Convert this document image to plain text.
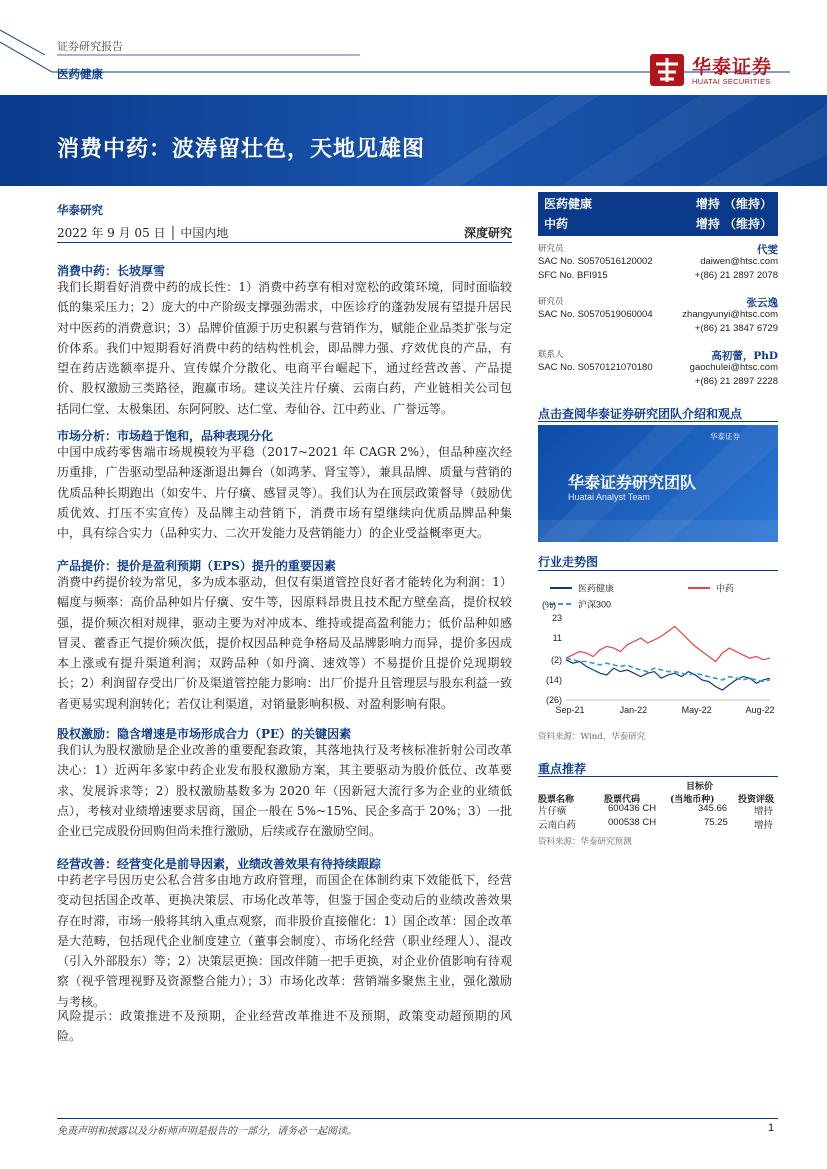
证券研究报告
医药健康	华泰证券
HUATAI SECURITIES
消费中药：波涛留壮色，天地见雄图
华泰研究
2022 年 9 月 05 日 │ 中国内地	深度研究
消费中药：长坡厚雪
我们长期看好消费中药的成长性：1）消费中药享有相对宽松的政策环境，同时面临较低的集采压力；2）庞大的中产阶级支撑强劲需求，中医诊疗的蓬勃发展有望提升居民对中医药的消费意识；3）品牌价值源于历史积累与营销作为，赋能企业品类扩张与定价体系。我们中短期看好消费中药的结构性机会，即品牌力强、疗效优良的产品，有望在药店选额率提升、宣传媒介分散化、电商平台崛起下，通过经营改善、产品提价、股权激励三类路径，跑赢市场。建议关注片仔癀、云南白药，产业链相关公司包括同仁堂、太极集团、东阿阿胶、达仁堂、寿仙谷、江中药业、广誉远等。
市场分析：市场趋于饱和，品种表现分化
中国中成药零售端市场规模较为平稳（2017~2021 年 CAGR 2%），但品种座次经历重排，广告驱动型品种逐渐退出舞台（如鸿茅、肾宝等），兼具品牌、质量与营销的优质品种长期跑出（如安牛、片仔癀、感冒灵等）。我们认为在顶层政策督导（鼓励优质优效、打压不实宣传）及品牌主动营销下，消费市场有望继续向优质品牌品种集中，具有综合实力（品种实力、二次开发能力及营销能力）的企业受益概率更大。
产品提价：提价是盈利预期（EPS）提升的重要因素
消费中药提价较为常见，多为成本驱动，但仅有渠道管控良好者才能转化为利润：1）幅度与频率：高价品种如片仔癀、安牛等，因原料昂贵且技术配方壁垒高，提价权较强，提价频次相对规律，驱动主要为对冲成本、维持或提高盈利能力；低价品种如感冒灵、藿香正气提价频次低，提价权因品种竞争格局及品牌影响力而异，提价多因成本上涨或有提升渠道利润；双跨品种（如丹滴、速效等）不易提价且提价兑现期较长；2）利润留存受出厂价及渠道管控能力影响：出厂价提升且管理层与股东利益一致者更易实现利润转化；若仅让利渠道，对销量影响积极、对盈利影响有限。
股权激励：隐含增速是市场形成合力（PE）的关键因素
我们认为股权激励是企业改善的重要配套政策，其落地执行及考核标准折射公司改革决心：1）近两年多家中药企业发布股权激励方案，其主要驱动为股价低位、改革要求、发展诉求等；2）股权激励基数多为 2020 年（因新冠大流行多为企业的业绩低点），考核对业绩增速要求居商，国企一般在 5%~15%、民企多高于 20%；3）一批企业已完成股份回购但尚未推行激励，后续或存在激励空间。
经营改善：经营变化是前导因素，业绩改善效果有待持续跟踪
中药老字号因历史公私合营多由地方政府管理，而国企在体制约束下效能低下，经营变动包括国企改革、更换决策层、市场化改革等，但鉴于国企变动后的业绩改善效果存在时滞，市场一般将其纳入重点观察，而非股价直接催化：1）国企改革：国企改革是大范畴，包括现代企业制度建立（董事会制度）、市场化经营（职业经理人）、混改（引入外部股东）等；2）决策层更换：国改伴随一把手更换，对企业价值影响有待观察（视乎管理视野及资源整合能力）；3）市场化改革：营销端多聚焦主业，强化激励与考核。
风险提示：政策推进不及预期，企业经营改革推进不及预期，政策变动超预期的风险。
医药健康	增持 （维持）
中药	增持 （维持）
研究员	代雯
SAC No. S0570516120002	daiwen@htsc.com
SFC No. BFI915	+(86) 21 2897 2078
研究员	张云逸
SAC No. S0570519060004	zhangyunyi@htsc.com
+(86) 21 3847 6729
联系人	高初蕾，PhD
SAC No. S0570121070180	gaochulei@htsc.com
+(86) 21 2897 2228
点击查阅华泰证券研究团队介绍和观点
华泰证券
华泰证券研究团队
Huatai Analyst Team
行业走势图
医药健康	中药
沪深300
(%)
23
11
(2)
(14)
(26)
Sep-21	Jan-22	May-22	Aug-22
资料来源：Wind，华泰研究
重点推荐
目标价
股票名称	股票代码	(当地币种)	投资评级
片仔癀	600436 CH	345.66	增持
云南白药	000538 CH	75.25	增持
资料来源：华泰研究预测
免责声明和披露以及分析师声明是报告的一部分，请务必一起阅读。	1
